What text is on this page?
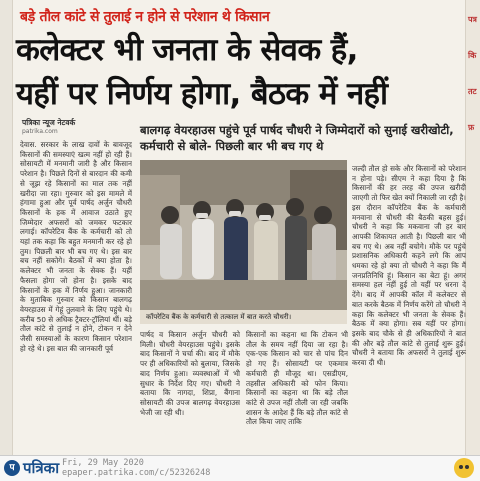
पत्र
कि
तट
फ़
बड़े तौल कांटे से तुलाई न होने से परेशान थे किसान
कलेक्टर भी जनता के सेवक हैं,
यहीं पर निर्णय होगा, बैठक में नहीं
पत्रिका न्यूज नेटवर्क
patrika.com	बालगढ़ वेयरहाउस पहुंचे पूर्व पार्षद चौधरी ने जिम्मेदारों को सुनाई खरीखोटी, कर्मचारी से बोले- पिछली बार भी बच गए थे
देवास. सरकार के लाख दावों के बावजूद किसानों की समस्याएं खत्म नहीं हो रही हैं। सोसायटी में मनमानी जारी है और किसान परेशान है। पिछले दिनों से बारदान की कमी से जूझ रहे किसानों का माल तक नहीं खरीदा जा रहा। गुरुवार को इस मामले में हंगामा हुआ और पूर्व पार्षद अर्जुन चौधरी किसानों के हक में आवाज उठाते हुए जिम्मेदार अफसरों को जमकर फटकार लगाई। कॉपरेटिव बैंक के कर्मचारी को तो यहां तक कहा कि बहुत मनमानी कर रहे हो तुम। पिछली बार भी बच गए थे। इस बार बच नहीं सकोगे। बैठकों में क्या होता है। कलेक्टर भी जनता के सेवक हैं। यहीं फैसला होगा जो होना है। इसके बाद किसानों के हक में निर्णय हुआ। जानकारी के मुताबिक गुरुवार को किसान बालगढ़ वेयरहाउस में गेहूं तुलवाने के लिए पहुंचे थे। करीब 50 से अधिक ट्रैक्टर-ट्रॉलियां थीं। बड़े तौल कांटे से तुलाई न होने, टोकन न देने जैसी समस्याओं के कारण किसान परेशान हो रहे थे। इस बात की जानकारी पूर्व
कॉपरेटिव बैंक के कर्मचारी से तत्काल में बात करते चौधरी।
पार्षद व किसान अर्जुन चौधरी को मिली। चौधरी वेयरहाउस पहुंचे। इसके बाद किसानों ने चर्चा की। बाद में मौके पर ही अधिकारियों को बुलाया, जिसके बाद निर्णय हुआ। व्यवस्थाओं में भी सुधार के निर्देश दिए गए। चौधरी ने बताया कि नागदा, शिप्रा, बैंगाना सोसायटी की उपज बालगढ़ वेयरहाउस भेजी जा रही थी।
किसानों का कहना था कि टोकन भी तौल के समय नहीं दिया जा रहा है। एक-एक किसान को चार से पांच दिन हो गए हैं। सोसायटी पर एकमात्र कर्मचारी ही मौजूद था। एसडीएम, तहसील अधिकारी को फोन किया। किसानों का कहना था कि बड़े तौल कांटे से उपज नहीं तौली जा रही जबकि शासन के आदेश हैं कि बड़े तौल कांटे से तौल किया जाए ताकि
जल्दी तौल हो सके और किसानों को परेशान न होना पड़े। सीएम ने कहा दिया है कि किसानों की हर तरह की उपज खरीदी जाएगी तो फिर खेत क्यों निकाली जा रही है। इस दौरान कॉपरेटिव बैंक के कर्मचारी मनवाना से चौधरी की बैठकी बहस हुई। चौधरी ने कहा कि मकवाना जी हर बार आपकी शिकायत आती है। पिछली बार भी बच गए थे। अब नहीं बचोगे। मौके पर पहुंचे प्रशासनिक अधिकारी कहने लगे कि आप धमका रहे हो क्या तो चौधरी ने कहा कि मैं जनप्रतिनिधि हूं। किसान का बेटा हूं। अगर समस्या हल नहीं हुई तो यहीं पर धरना दे देंगे। बाद में आपकी कॉल में कलेक्टर से बात करके बैठक में निर्णय करेंगे तो चौधरी ने कहा कि कलेक्टर भी जनता के सेवक हैं। बैठक में क्या होगा। सब यहीं पर होगा। इसके बाद चौके से ही अधिकारियों ने बात की और बड़े तौल कांटे से तुलाई शुरू हुई। चौधरी ने बताया कि अफसरों ने तुलाई शुरू करवा दी थी।
प पत्रिका Fri, 29 May 2020
epaper.patrika.com/c/52326248
